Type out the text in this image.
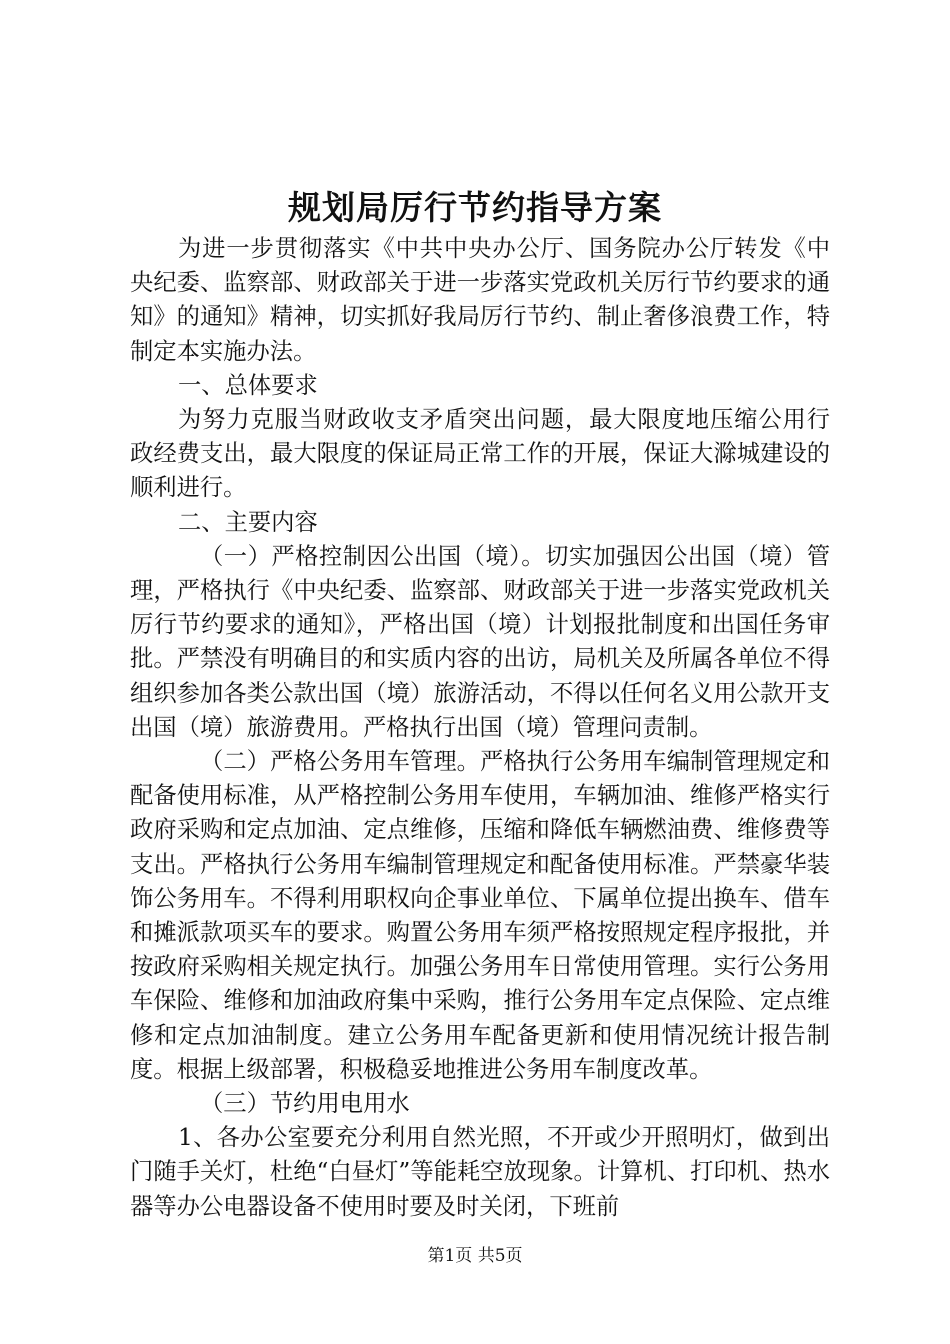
规划局厉行节约指导方案

为进一步贯彻落实《中共中央办公厅、国务院办公厅转发《中央纪委、监察部、财政部关于进一步落实党政机关厉行节约要求的通知》的通知》精神，切实抓好我局厉行节约、制止奢侈浪费工作，特制定本实施办法。

一、总体要求

为努力克服当财政收支矛盾突出问题，最大限度地压缩公用行政经费支出，最大限度的保证局正常工作的开展，保证大滁城建设的顺利进行。

二、主要内容

（一）严格控制因公出国（境）。切实加强因公出国（境）管理，严格执行《中央纪委、监察部、财政部关于进一步落实党政机关厉行节约要求的通知》，严格出国（境）计划报批制度和出国任务审批。严禁没有明确目的和实质内容的出访，局机关及所属各单位不得组织参加各类公款出国（境）旅游活动，不得以任何名义用公款开支出国（境）旅游费用。严格执行出国（境）管理问责制。

（二）严格公务用车管理。严格执行公务用车编制管理规定和配备使用标准，从严格控制公务用车使用，车辆加油、维修严格实行政府采购和定点加油、定点维修，压缩和降低车辆燃油费、维修费等支出。严格执行公务用车编制管理规定和配备使用标准。严禁豪华装饰公务用车。不得利用职权向企事业单位、下属单位提出换车、借车和摊派款项买车的要求。购置公务用车须严格按照规定程序报批，并按政府采购相关规定执行。加强公务用车日常使用管理。实行公务用车保险、维修和加油政府集中采购，推行公务用车定点保险、定点维修和定点加油制度。建立公务用车配备更新和使用情况统计报告制度。根据上级部署，积极稳妥地推进公务用车制度改革。

（三）节约用电用水

1、各办公室要充分利用自然光照，不开或少开照明灯，做到出门随手关灯，杜绝“白昼灯”等能耗空放现象。计算机、打印机、热水器等办公电器设备不使用时要及时关闭，下班前

第1页 共5页
